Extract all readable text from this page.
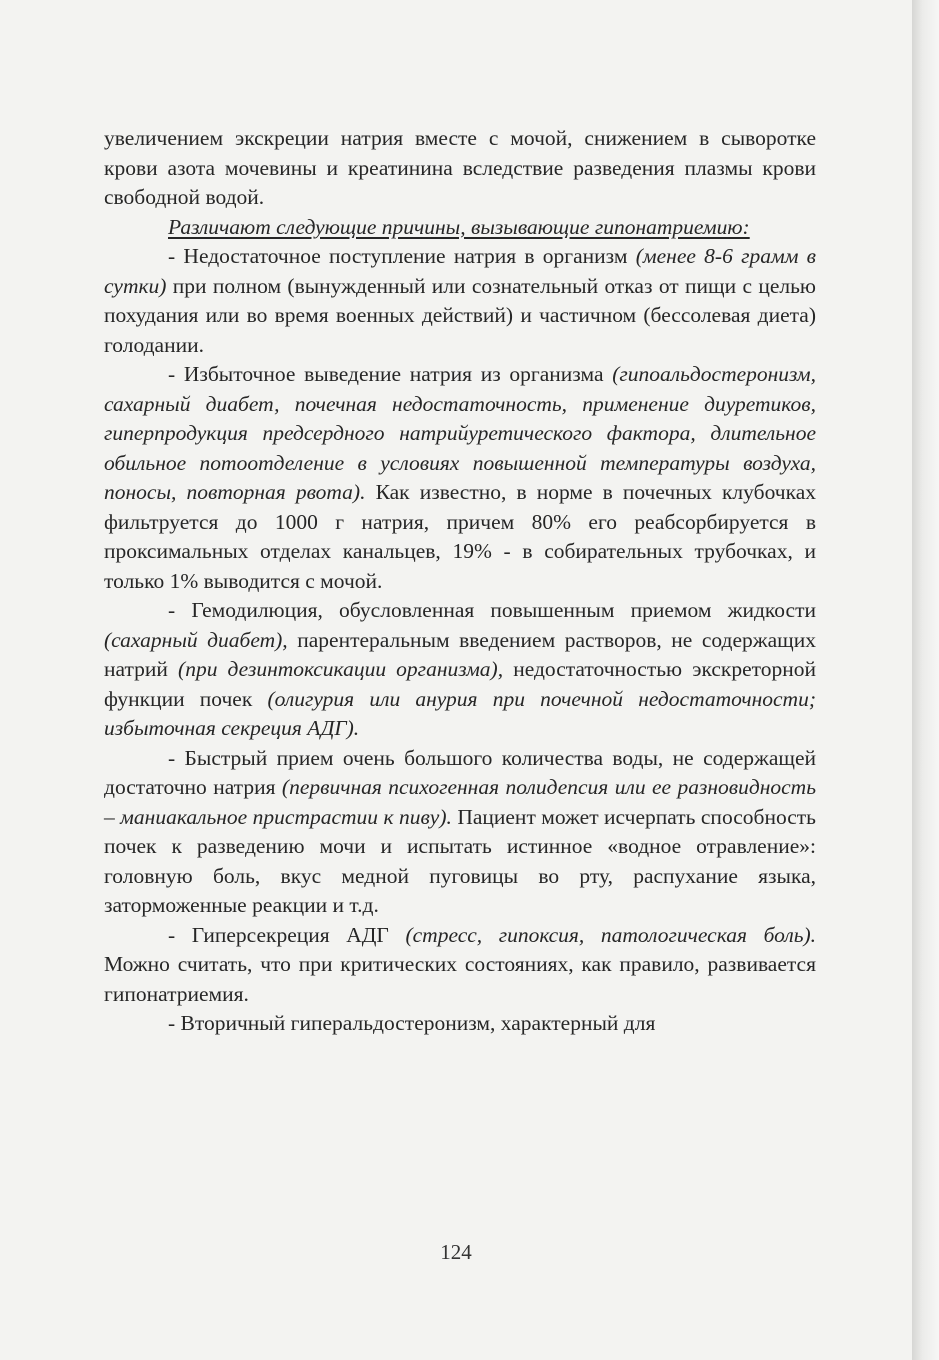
увеличением экскреции натрия вместе с мочой, снижением в сыворотке крови азота мочевины и креатинина вследствие разведения плазмы крови свободной водой.

Различают следующие причины, вызывающие гипонатриемию:

- Недостаточное поступление натрия в организм (менее 8-6 грамм в сутки) при полном (вынужденный или сознательный отказ от пищи с целью похудания или во время военных действий) и частичном (бессолевая диета) голодании.

- Избыточное выведение натрия из организма (гипоальдостеронизм, сахарный диабет, почечная недостаточность, применение диуретиков, гиперпродукция предсердного натрийуретического фактора, длительное обильное потоотделение в условиях повышенной температуры воздуха, поносы, повторная рвота). Как известно, в норме в почечных клубочках фильтруется до 1000 г натрия, причем 80% его реабсорбируется в проксимальных отделах канальцев, 19% - в собирательных трубочках, и только 1% выводится с мочой.

- Гемодилюция, обусловленная повышенным приемом жидкости (сахарный диабет), парентеральным введением растворов, не содержащих натрий (при дезинтоксикации организма), недостаточностью экскреторной функции почек (олигурия или анурия при почечной недостаточности; избыточная секреция АДГ).

- Быстрый прием очень большого количества воды, не содержащей достаточно натрия (первичная психогенная полидепсия или ее разновидность – маниакальное пристрастии к пиву). Пациент может исчерпать способность почек к разведению мочи и испытать истинное «водное отравление»: головную боль, вкус медной пуговицы во рту, распухание языка, заторможенные реакции и т.д.

- Гиперсекреция АДГ (стресс, гипоксия, патологическая боль). Можно считать, что при критических состояниях, как правило, развивается гипонатриемия.

- Вторичный гиперальдостеронизм, характерный для

124
